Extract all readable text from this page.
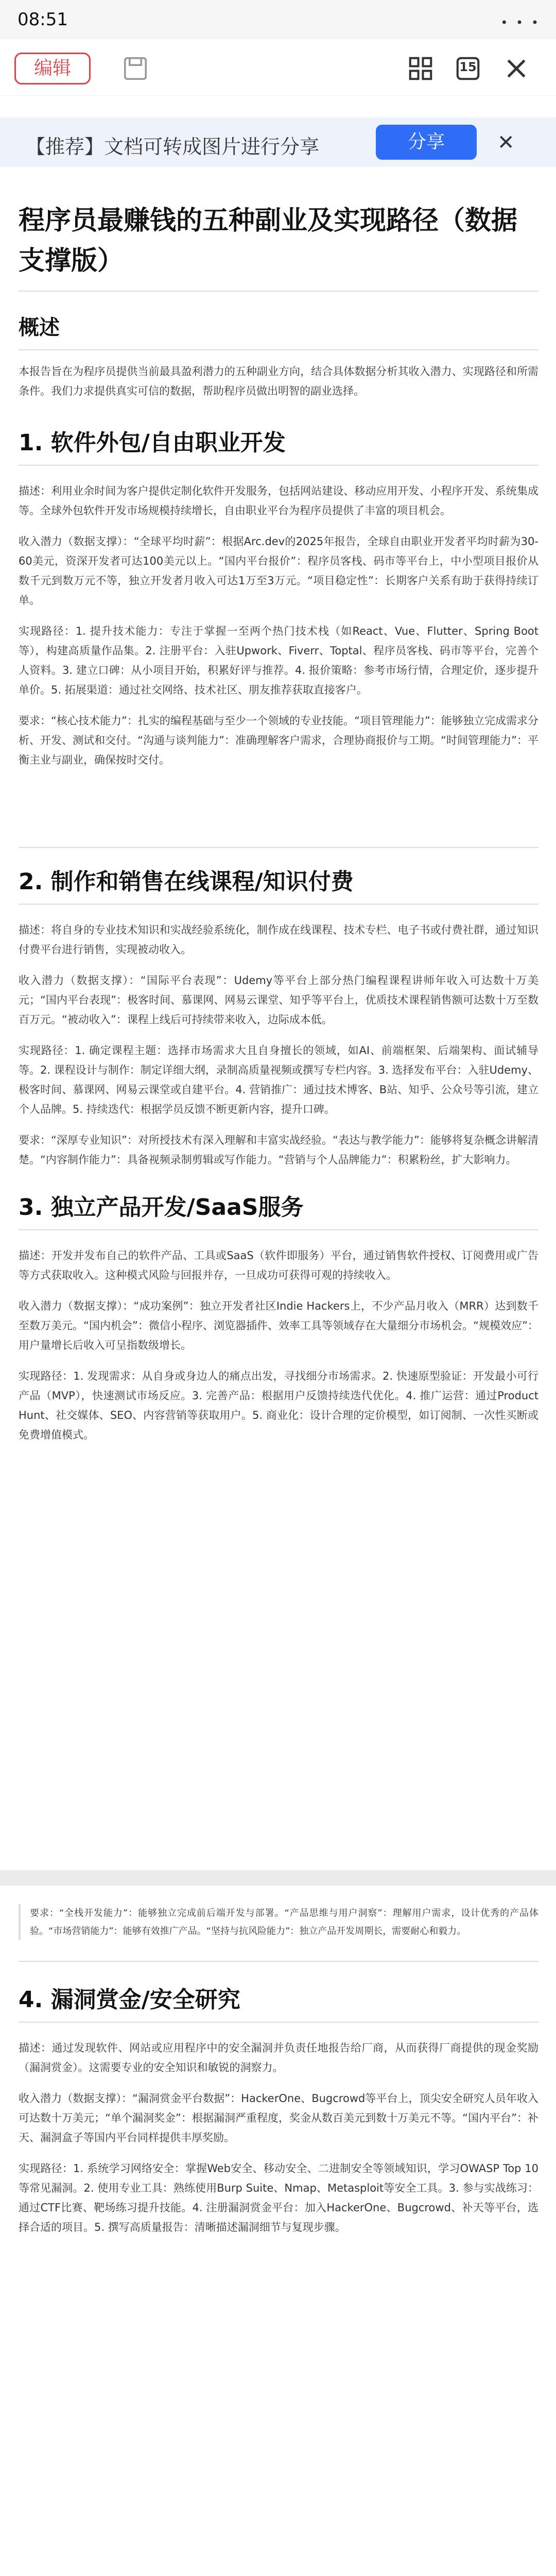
08:51	• • •
编辑	15
【推荐】文档可转成图片进行分享	分享	✕
程序员最赚钱的五种副业及实现路径（数据支撑版）
概述

本报告旨在为程序员提供当前最具盈利潜力的五种副业方向，结合具体数据分析其收入潜力、实现路径和所需条件。我们力求提供真实可信的数据，帮助程序员做出明智的副业选择。

1. 软件外包/自由职业开发

描述：利用业余时间为客户提供定制化软件开发服务，包括网站建设、移动应用开发、小程序开发、系统集成等。全球外包软件开发市场规模持续增长，自由职业平台为程序员提供了丰富的项目机会。

收入潜力（数据支撑）：“全球平均时薪”：根据Arc.dev的2025年报告，全球自由职业开发者平均时薪为30-60美元，资深开发者可达100美元以上。“国内平台报价”：程序员客栈、码市等平台上，中小型项目报价从数千元到数万元不等，独立开发者月收入可达1万至3万元。“项目稳定性”：长期客户关系有助于获得持续订单。

实现路径：1. 提升技术能力：专注于掌握一至两个热门技术栈（如React、Vue、Flutter、Spring Boot等），构建高质量作品集。2. 注册平台：入驻Upwork、Fiverr、Toptal、程序员客栈、码市等平台，完善个人资料。3. 建立口碑：从小项目开始，积累好评与推荐。4. 报价策略：参考市场行情，合理定价，逐步提升单价。5. 拓展渠道：通过社交网络、技术社区、朋友推荐获取直接客户。

要求：“核心技术能力”：扎实的编程基础与至少一个领域的专业技能。“项目管理能力”：能够独立完成需求分析、开发、测试和交付。“沟通与谈判能力”：准确理解客户需求，合理协商报价与工期。“时间管理能力”：平衡主业与副业，确保按时交付。

2. 制作和销售在线课程/知识付费

描述：将自身的专业技术知识和实战经验系统化，制作成在线课程、技术专栏、电子书或付费社群，通过知识付费平台进行销售，实现被动收入。

收入潜力（数据支撑）：“国际平台表现”：Udemy等平台上部分热门编程课程讲师年收入可达数十万美元；“国内平台表现”：极客时间、慕课网、网易云课堂、知乎等平台上，优质技术课程销售额可达数十万至数百万元。“被动收入”：课程上线后可持续带来收入，边际成本低。

实现路径：1. 确定课程主题：选择市场需求大且自身擅长的领域，如AI、前端框架、后端架构、面试辅导等。2. 课程设计与制作：制定详细大纲，录制高质量视频或撰写专栏内容。3. 选择发布平台：入驻Udemy、极客时间、慕课网、网易云课堂或自建平台。4. 营销推广：通过技术博客、B站、知乎、公众号等引流，建立个人品牌。5. 持续迭代：根据学员反馈不断更新内容，提升口碑。

要求：“深厚专业知识”：对所授技术有深入理解和丰富实战经验。“表达与教学能力”：能够将复杂概念讲解清楚。“内容制作能力”：具备视频录制剪辑或写作能力。“营销与个人品牌能力”：积累粉丝，扩大影响力。

3. 独立产品开发/SaaS服务

描述：开发并发布自己的软件产品、工具或SaaS（软件即服务）平台，通过销售软件授权、订阅费用或广告等方式获取收入。这种模式风险与回报并存，一旦成功可获得可观的持续收入。

收入潜力（数据支撑）：“成功案例”：独立开发者社区Indie Hackers上，不少产品月收入（MRR）达到数千至数万美元。“国内机会”：微信小程序、浏览器插件、效率工具等领域存在大量细分市场机会。“规模效应”：用户量增长后收入可呈指数级增长。

实现路径：1. 发现需求：从自身或身边人的痛点出发，寻找细分市场需求。2. 快速原型验证：开发最小可行产品（MVP），快速测试市场反应。3. 完善产品：根据用户反馈持续迭代优化。4. 推广运营：通过Product Hunt、社交媒体、SEO、内容营销等获取用户。5. 商业化：设计合理的定价模型，如订阅制、一次性买断或免费增值模式。

要求：“全栈开发能力”：能够独立完成前后端开发与部署。“产品思维与用户洞察”：理解用户需求，设计优秀的产品体验。“市场营销能力”：能够有效推广产品。“坚持与抗风险能力”：独立产品开发周期长，需要耐心和毅力。

4. 漏洞赏金/安全研究

描述：通过发现软件、网站或应用程序中的安全漏洞并负责任地报告给厂商，从而获得厂商提供的现金奖励（漏洞赏金）。这需要专业的安全知识和敏锐的洞察力。

收入潜力（数据支撑）：“漏洞赏金平台数据”：HackerOne、Bugcrowd等平台上，顶尖安全研究人员年收入可达数十万美元；“单个漏洞奖金”：根据漏洞严重程度，奖金从数百美元到数十万美元不等。“国内平台”：补天、漏洞盒子等国内平台同样提供丰厚奖励。

实现路径：1. 系统学习网络安全：掌握Web安全、移动安全、二进制安全等领域知识，学习OWASP Top 10等常见漏洞。2. 使用专业工具：熟练使用Burp Suite、Nmap、Metasploit等安全工具。3. 参与实战练习：通过CTF比赛、靶场练习提升技能。4. 注册漏洞赏金平台：加入HackerOne、Bugcrowd、补天等平台，选择合适的项目。5. 撰写高质量报告：清晰描述漏洞细节与复现步骤。
